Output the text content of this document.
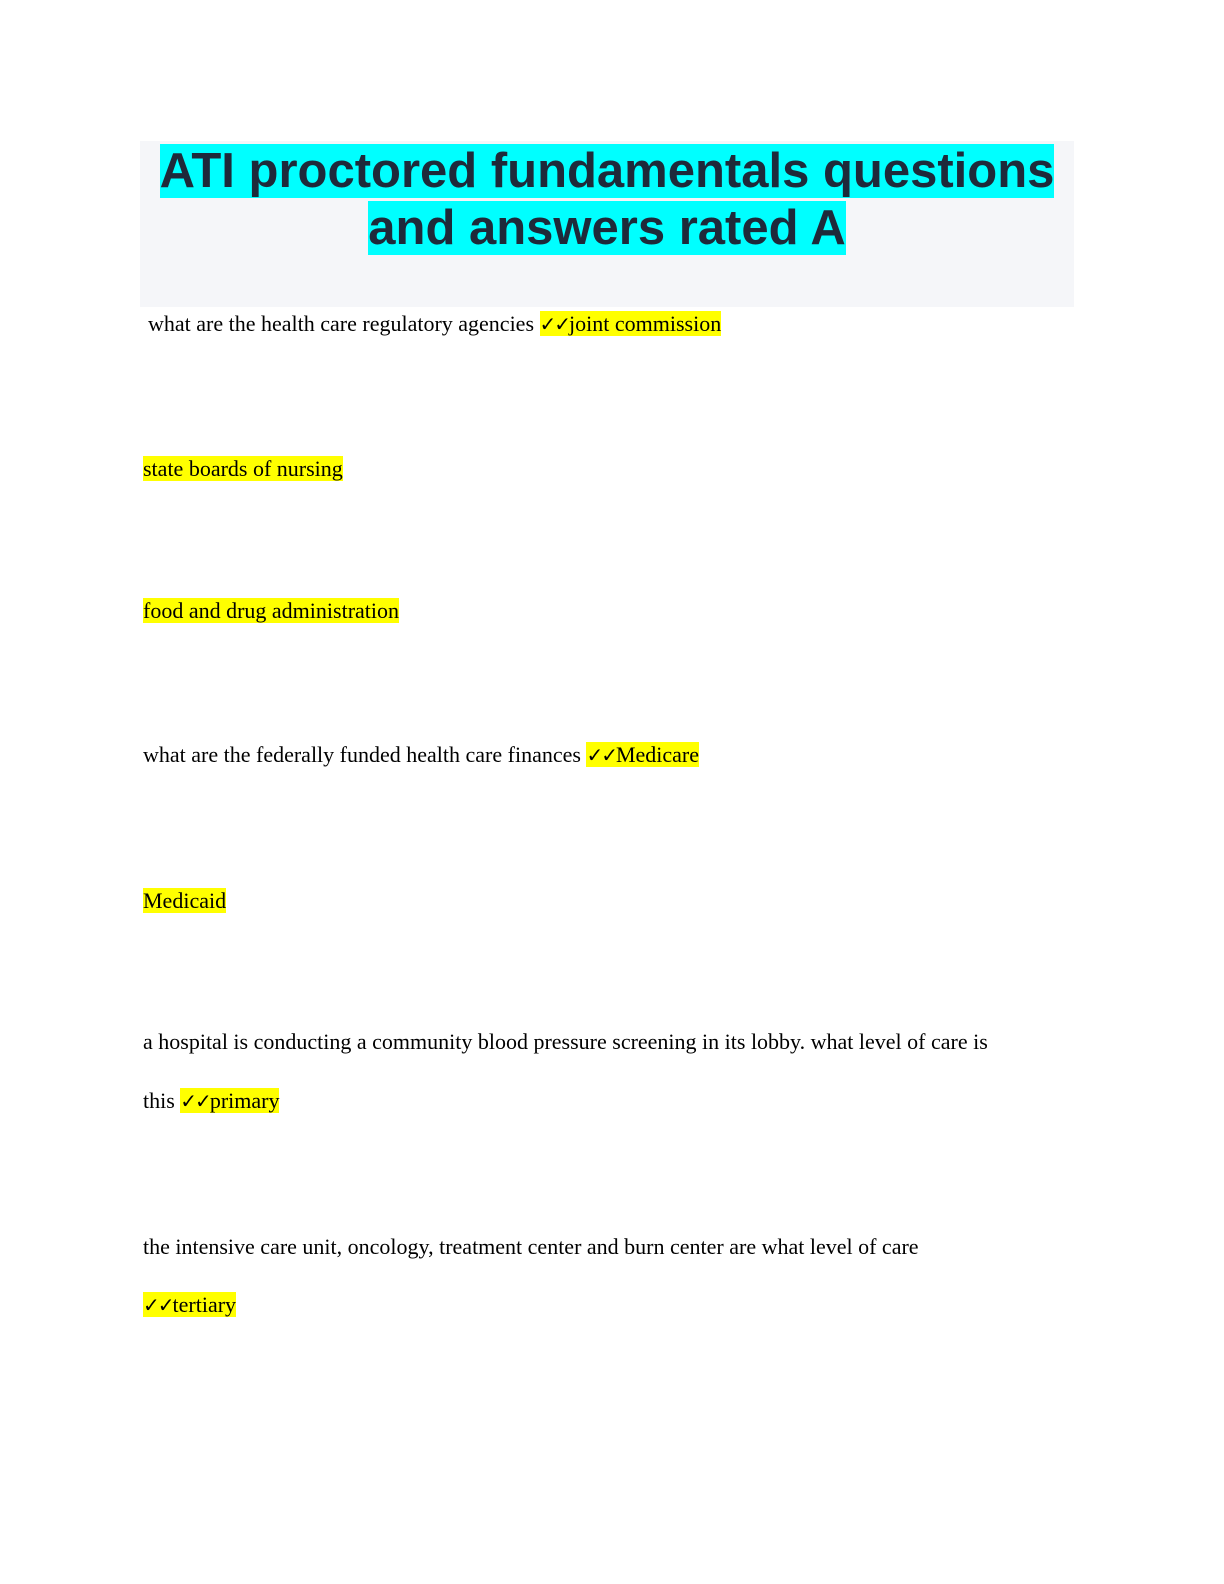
ATI proctored fundamentals questions
and answers rated A

what are the health care regulatory agencies ✓✓joint commission

state boards of nursing

food and drug administration

what are the federally funded health care finances ✓✓Medicare

Medicaid

a hospital is conducting a community blood pressure screening in its lobby. what level of care is

this ✓✓primary

the intensive care unit, oncology, treatment center and burn center are what level of care

✓✓tertiary
